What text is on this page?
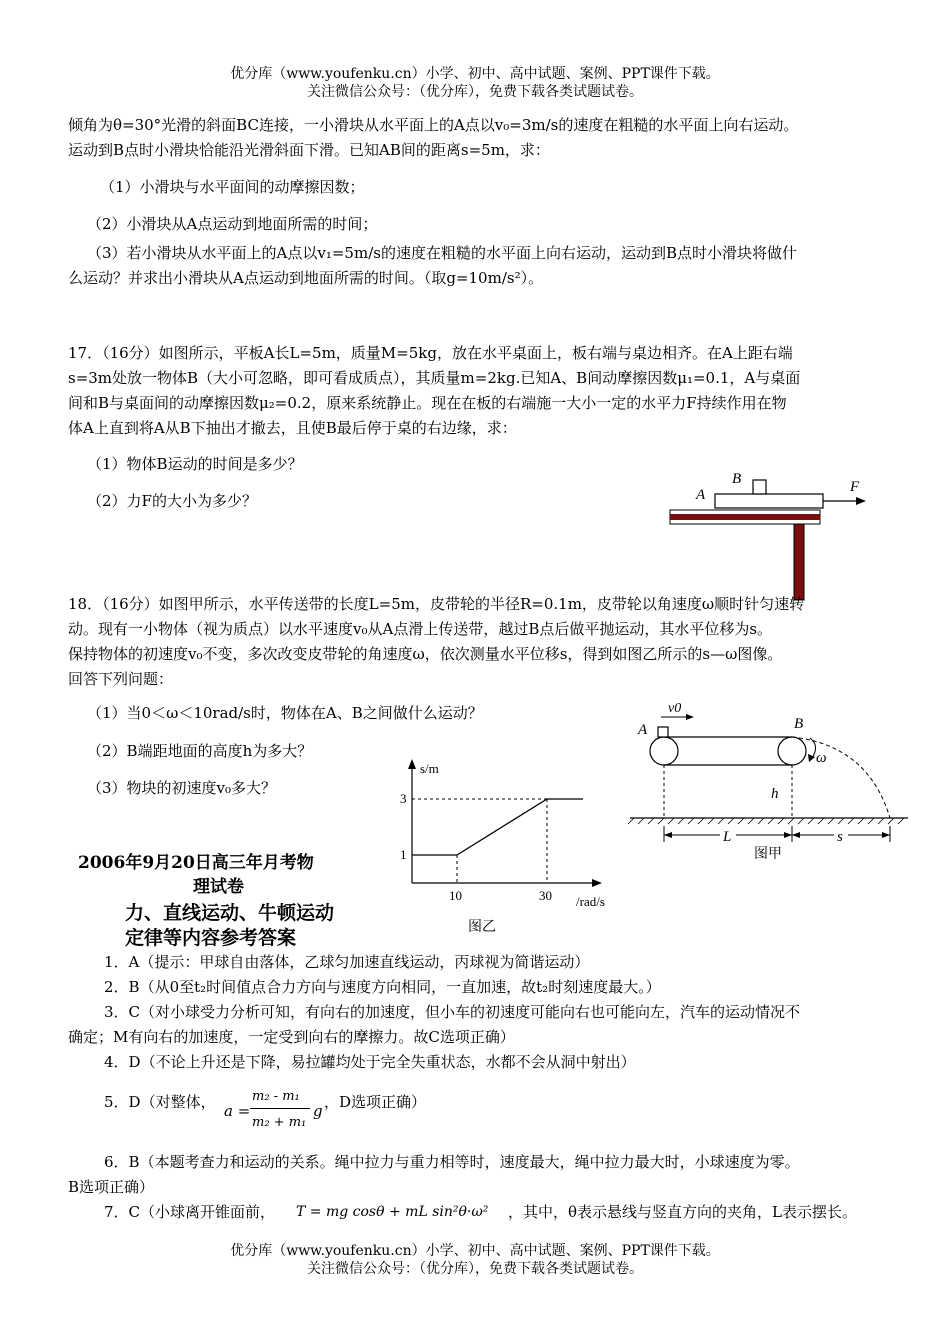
优分库（www.youfenku.cn）小学、初中、高中试题、案例、PPT课件下载。
关注微信公众号：（优分库），免费下载各类试题试卷。
倾角为θ=30°光滑的斜面BC连接，一小滑块从水平面上的A点以v₀=3m/s的速度在粗糙的水平面上向右运动。
运动到B点时小滑块恰能沿光滑斜面下滑。已知AB间的距离s=5m，求：
（1）小滑块与水平面间的动摩擦因数；
（2）小滑块从A点运动到地面所需的时间；
（3）若小滑块从水平面上的A点以v₁=5m/s的速度在粗糙的水平面上向右运动，运动到B点时小滑块将做什
么运动？并求出小滑块从A点运动到地面所需的时间。（取g=10m/s²）。
17．（16分）如图所示，平板A长L=5m，质量M=5kg，放在水平桌面上，板右端与桌边相齐。在A上距右端
s=3m处放一物体B（大小可忽略，即可看成质点），其质量m=2kg.已知A、B间动摩擦因数μ₁=0.1，A与桌面
间和B与桌面间的动摩擦因数μ₂=0.2，原来系统静止。现在在板的右端施一大小一定的水平力F持续作用在物
体A上直到将A从B下抽出才撤去，且使B最后停于桌的右边缘，求：
（1）物体B运动的时间是多少？
（2）力F的大小为多少？	A
B	F
18．（16分）如图甲所示，水平传送带的长度L=5m，皮带轮的半径R=0.1m，皮带轮以角速度ω顺时针匀速转
动。现有一小物体（视为质点）以水平速度v₀从A点滑上传送带，越过B点后做平抛运动，其水平位移为s。
保持物体的初速度v₀不变，多次改变皮带轮的角速度ω，依次测量水平位移s，得到如图乙所示的s—ω图像。
回答下列问题：
（1）当0＜ω＜10rad/s时，物体在A、B之间做什么运动？
（2）B端距地面的高度h为多大？
（3）物块的初速度v₀多大？
v0
A	B
ω
h
L	s
图甲
s/m
/rad/s
图乙
1
3
10	30
2006年9月20日高三年月考物
理试卷
力、直线运动、牛顿运动
定律等内容参考答案
1．A（提示：甲球自由落体，乙球匀加速直线运动，丙球视为简谐运动）
2．B（从0至t₂时间值点合力方向与速度方向相同，一直加速，故t₂时刻速度最大。）
3．C（对小球受力分析可知，有向右的加速度，但小车的初速度可能向右也可能向左，汽车的运动情况不
确定；M有向右的加速度，一定受到向右的摩擦力。故C选项正确）
4．D（不论上升还是下降，易拉罐均处于完全失重状态，水都不会从洞中射出）
5．D（对整体， a =
m₂ - m₁
m₂ + m₁
g ，D选项正确）
6．B（本题考查力和运动的关系。绳中拉力与重力相等时，速度最大，绳中拉力最大时，小球速度为零。
B选项正确）
7．C（小球离开锥面前， T = mg cosθ + mL sin²θ·ω² ，其中，θ表示悬线与竖直方向的夹角，L表示摆长。
优分库（www.youfenku.cn）小学、初中、高中试题、案例、PPT课件下载。
关注微信公众号：（优分库），免费下载各类试题试卷。
